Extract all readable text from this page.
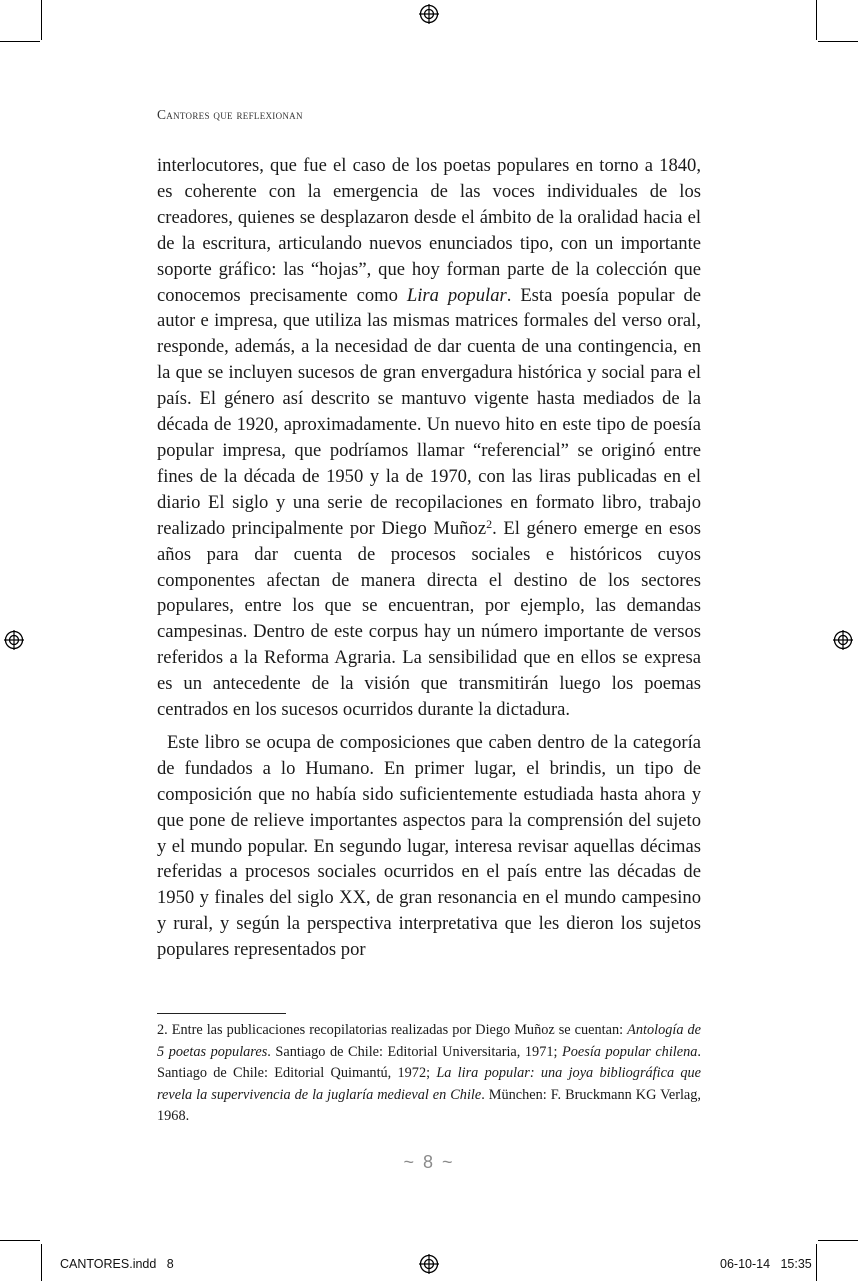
Cantores que reflexionan

interlocutores, que fue el caso de los poetas populares en torno a 1840, es coherente con la emergencia de las voces individuales de los creadores, quienes se desplazaron desde el ámbito de la oralidad hacia el de la escritura, articulando nuevos enunciados tipo, con un importante soporte gráfico: las “hojas”, que hoy forman parte de la colección que conocemos precisamente como Lira popular. Esta poesía popular de autor e impresa, que utiliza las mismas matrices formales del verso oral, responde, además, a la necesidad de dar cuenta de una contingencia, en la que se incluyen sucesos de gran envergadura histórica y social para el país. El género así descrito se mantuvo vigente hasta mediados de la década de 1920, aproximadamente. Un nuevo hito en este tipo de poesía popular impresa, que podríamos llamar “referencial” se originó entre fines de la década de 1950 y la de 1970, con las liras publicadas en el diario El siglo y una serie de recopilaciones en formato libro, trabajo realizado principalmente por Diego Muñoz$^2$. El género emerge en esos años para dar cuenta de procesos sociales e históricos cuyos componentes afectan de manera directa el destino de los sectores populares, entre los que se encuentran, por ejemplo, las demandas campesinas. Dentro de este corpus hay un número importante de versos referidos a la Reforma Agraria. La sensibilidad que en ellos se expresa es un antecedente de la visión que transmitirán luego los poemas centrados en los sucesos ocurridos durante la dictadura.

Este libro se ocupa de composiciones que caben dentro de la categoría de fundados a lo Humano. En primer lugar, el brindis, un tipo de composición que no había sido suficientemente estudiada hasta ahora y que pone de relieve importantes aspectos para la comprensión del sujeto y el mundo popular. En segundo lugar, interesa revisar aquellas décimas referidas a procesos sociales ocurridos en el país entre las décadas de 1950 y finales del siglo XX, de gran resonancia en el mundo campesino y rural, y según la perspectiva interpretativa que les dieron los sujetos populares representados por

2. Entre las publicaciones recopilatorias realizadas por Diego Muñoz se cuentan: Antología de 5 poetas populares. Santiago de Chile: Editorial Universitaria, 1971; Poesía popular chilena. Santiago de Chile: Editorial Quimantú, 1972; La lira popular: una joya bibliográfica que revela la supervivencia de la juglaría medieval en Chile. München: F. Bruckmann KG Verlag, 1968.
~ 8 ~
CANTORES.indd   8	06-10-14   15:35
